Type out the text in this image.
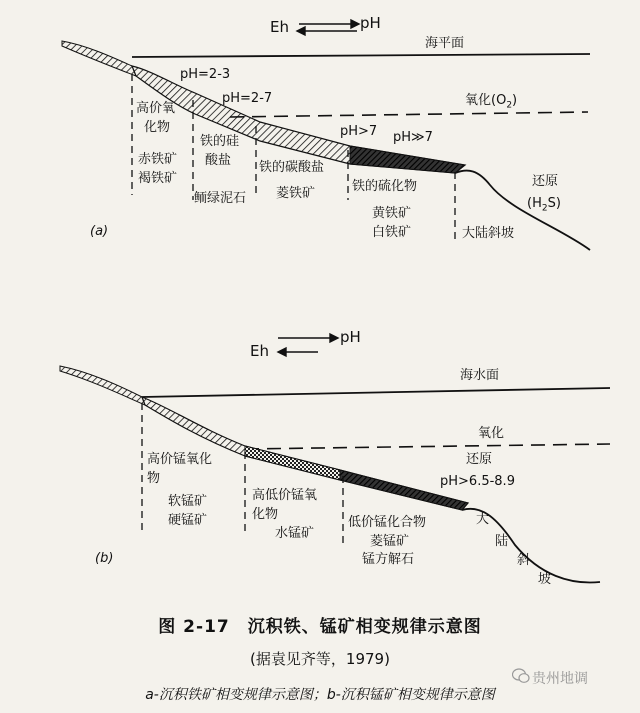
Eh	pH
海平面
氧化$(O_2)$
还原
$(H_2S)$
pH=2-3
pH=2-7
pH>7 pH≫7
高价氧
化物
赤铁矿
褐铁矿
铁的硅
酸盐
鲕绿泥石
铁的碳酸盐
菱铁矿	铁的硫化物
黄铁矿
白铁矿	大陆斜坡
(a)
Eh
pH
海水面
氧化
还原
pH>6.5-8.9
高价锰氧化
物
软锰矿
硬锰矿
高低价锰氧
化物
水锰矿
低价锰化合物
菱锰矿
锰方解石
大
陆
斜
坡
(b)
图 2-17　沉积铁、锰矿相变规律示意图
(据袁见齐等，1979)
a-沉积铁矿相变规律示意图；b-沉积锰矿相变规律示意图
贵州地调
